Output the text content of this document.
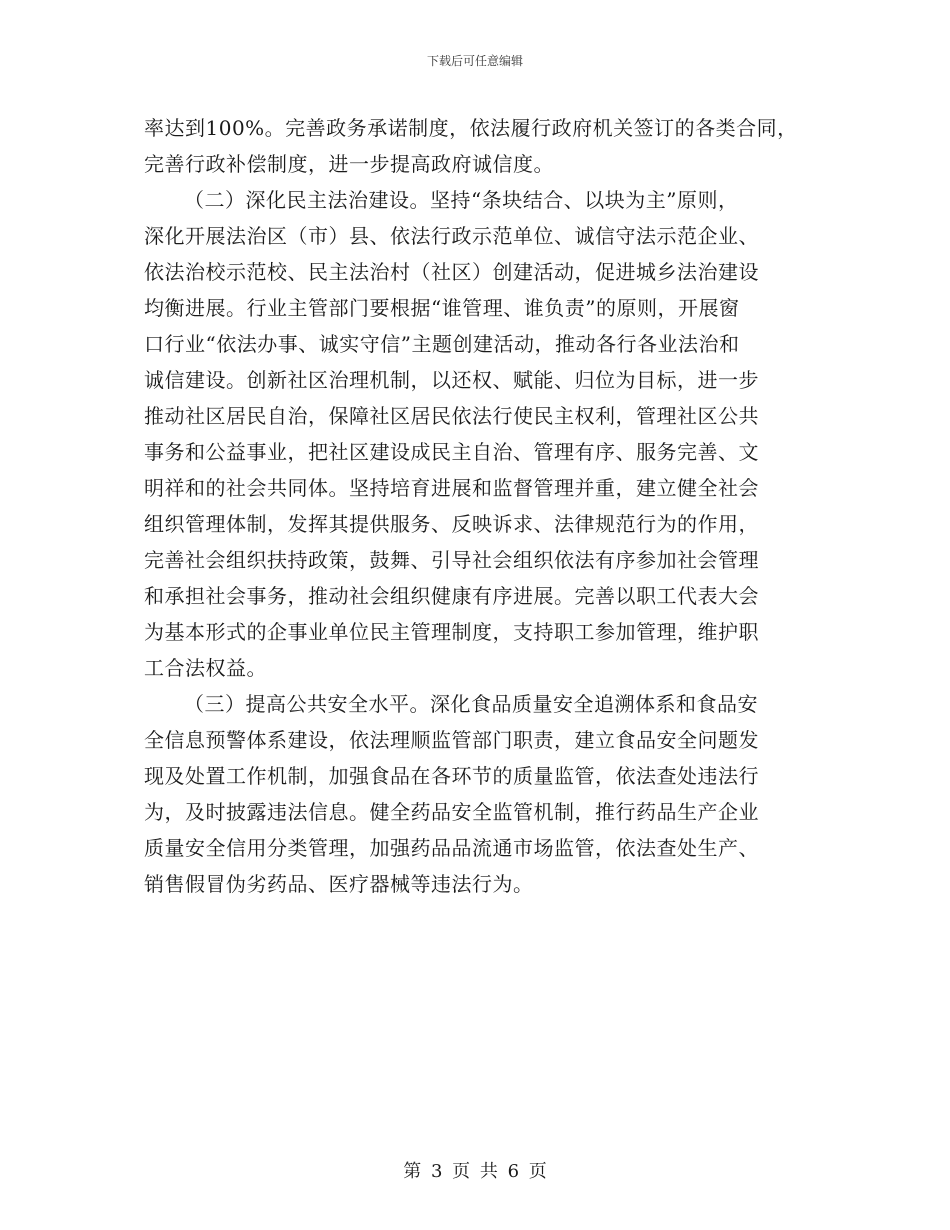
下载后可任意编辑
率达到100%。完善政务承诺制度，依法履行政府机关签订的各类合同，
完善行政补偿制度，进一步提高政府诚信度。
（二）深化民主法治建设。坚持“条块结合、以块为主”原则，
深化开展法治区（市）县、依法行政示范单位、诚信守法示范企业、
依法治校示范校、民主法治村（社区）创建活动，促进城乡法治建设
均衡进展。行业主管部门要根据“谁管理、谁负责”的原则，开展窗
口行业“依法办事、诚实守信”主题创建活动，推动各行各业法治和
诚信建设。创新社区治理机制，以还权、赋能、归位为目标，进一步
推动社区居民自治，保障社区居民依法行使民主权利，管理社区公共
事务和公益事业，把社区建设成民主自治、管理有序、服务完善、文
明祥和的社会共同体。坚持培育进展和监督管理并重，建立健全社会
组织管理体制，发挥其提供服务、反映诉求、法律规范行为的作用，
完善社会组织扶持政策，鼓舞、引导社会组织依法有序参加社会管理
和承担社会事务，推动社会组织健康有序进展。完善以职工代表大会
为基本形式的企事业单位民主管理制度，支持职工参加管理，维护职
工合法权益。
（三）提高公共安全水平。深化食品质量安全追溯体系和食品安
全信息预警体系建设，依法理顺监管部门职责，建立食品安全问题发
现及处置工作机制，加强食品在各环节的质量监管，依法查处违法行
为，及时披露违法信息。健全药品安全监管机制，推行药品生产企业
质量安全信用分类管理，加强药品品流通市场监管，依法查处生产、
销售假冒伪劣药品、医疗器械等违法行为。
第 3 页 共 6 页
